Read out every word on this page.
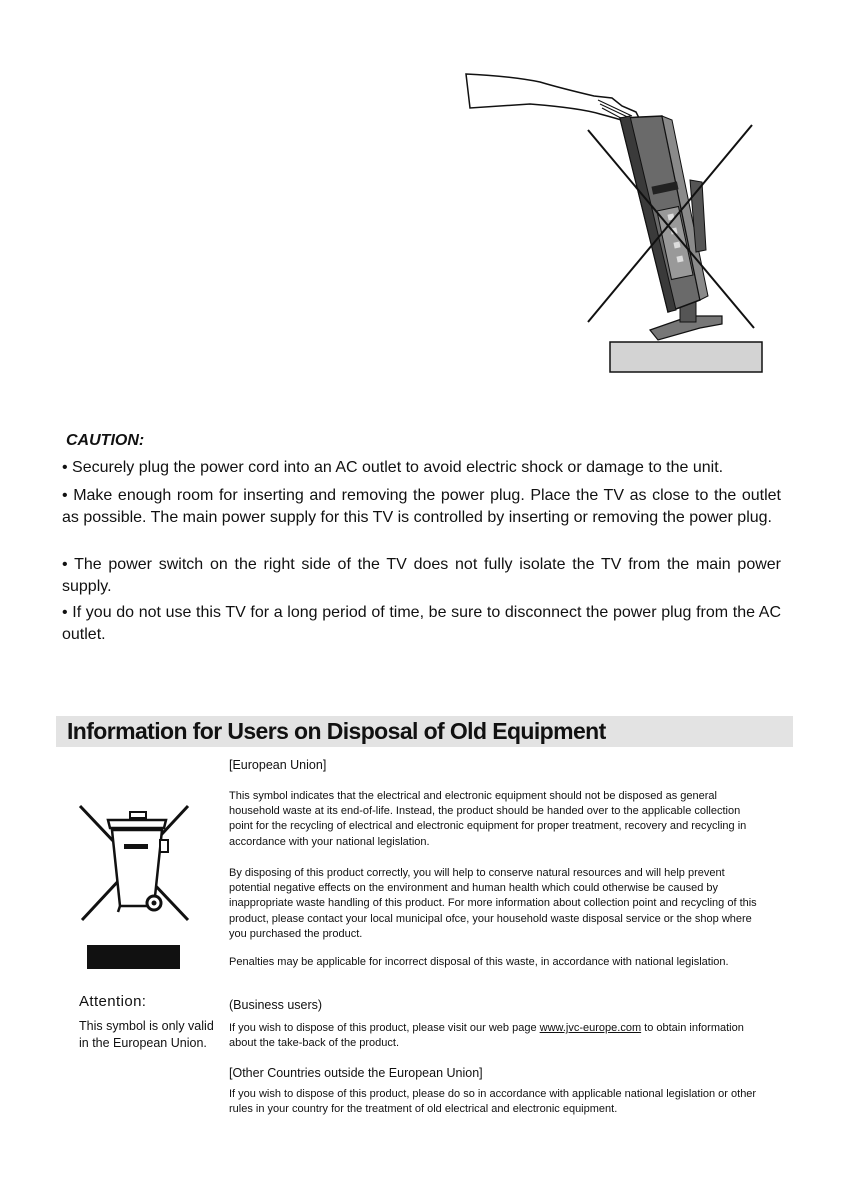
CAUTION:

• Securely plug the power cord into an AC outlet to avoid electric shock or damage to the unit.

• Make enough room for inserting and removing the power plug. Place the TV as close to the outlet as possible. The main power supply for this TV is controlled by inserting or removing the power plug.

• The power switch on the right side of the TV does not fully isolate the TV from the main power supply.

• If you do not use this TV for a long period of time, be sure to disconnect the power plug from the AC outlet.

Information for Users on Disposal of Old Equipment
Attention:
This symbol is only valid in the European Union.
[European Union]

This symbol indicates that the electrical and electronic equipment should not be disposed as general household waste at its end-of-life. Instead, the product should be handed over to the applicable collection point for the recycling of electrical and electronic equipment for proper treatment, recovery and recycling in accordance with your national legislation.

By disposing of this product correctly, you will help to conserve natural resources and will help prevent potential negative effects on the environment and human health which could otherwise be caused by inappropriate waste handling of this product. For more information about collection point and recycling of this product, please contact your local municipal ofce, your household waste disposal service or the shop where you purchased the product.

Penalties may be applicable for incorrect disposal of this waste, in accordance with national legislation.

(Business users)

If you wish to dispose of this product, please visit our web page www.jvc-europe.com to obtain information about the take-back of the product.

[Other Countries outside the European Union]

If you wish to dispose of this product, please do so in accordance with applicable national legislation or other rules in your country for the treatment of old electrical and electronic equipment.
